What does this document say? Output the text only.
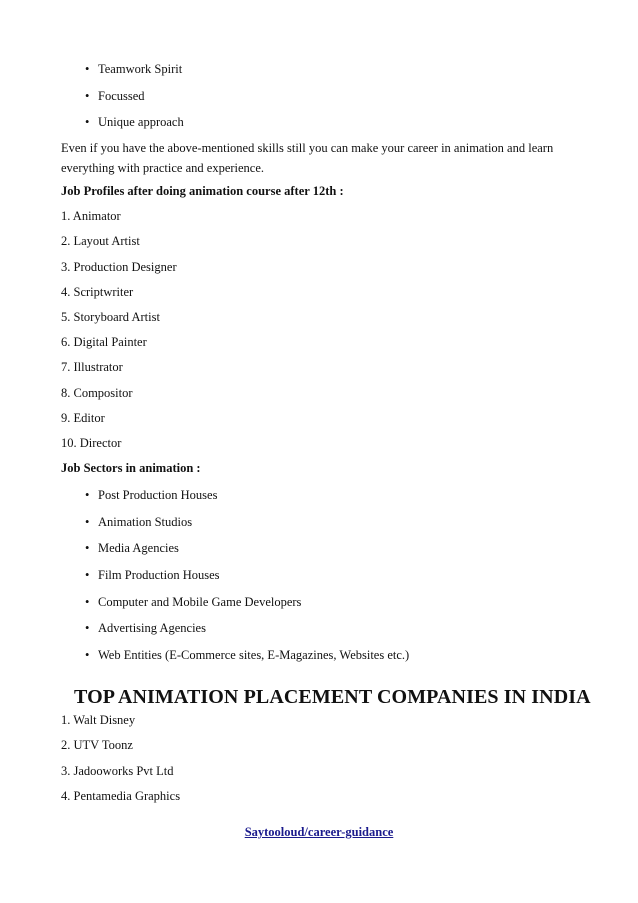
• Teamwork Spirit
• Focussed
• Unique approach
Even if you have the above-mentioned skills still you can make your career in animation and learn everything with practice and experience.
Job Profiles after doing animation course after 12th :
1. Animator
2. Layout Artist
3. Production Designer
4. Scriptwriter
5. Storyboard Artist
6. Digital Painter
7. Illustrator
8. Compositor
9. Editor
10. Director
Job Sectors in animation :
• Post Production Houses
• Animation Studios
• Media Agencies
• Film Production Houses
• Computer and Mobile Game Developers
• Advertising Agencies
• Web Entities (E-Commerce sites, E-Magazines, Websites etc.)
TOP ANIMATION PLACEMENT COMPANIES IN INDIA
1. Walt Disney
2. UTV Toonz
3. Jadooworks Pvt Ltd
4. Pentamedia Graphics
Saytooloud/career-guidance
